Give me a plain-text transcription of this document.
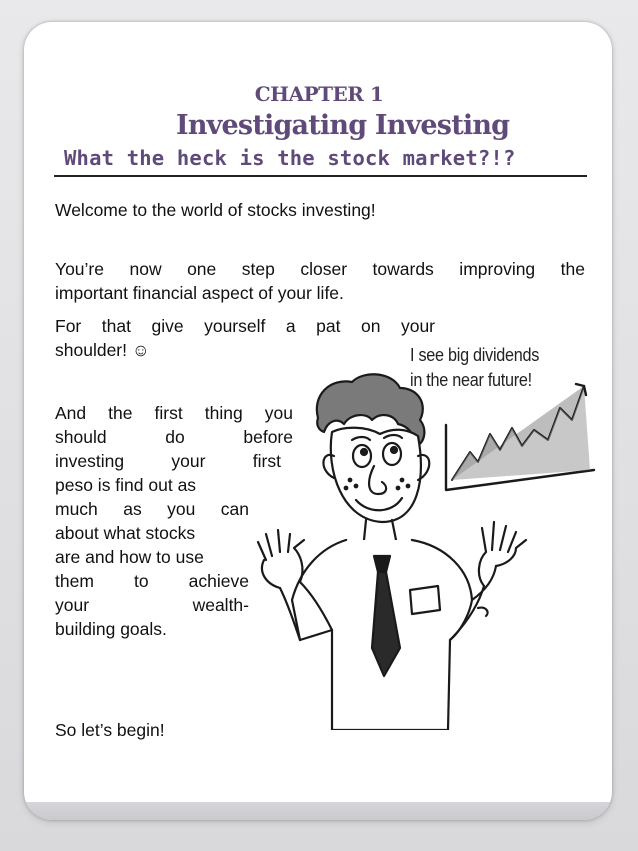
CHAPTER 1
Investigating Investing
What the heck is the stock market?!?
Welcome to the world of stocks investing!
You’re now one step closer towards improving the
important financial aspect of your life.
For that give yourself a pat on your
shoulder! ☺
And the first thing you
should do before
investing your first
peso is find out as
much as you can
about what stocks
are and how to use
them to achieve
your wealth-
building goals.
So let’s begin!
I see big dividends
in the near future!
